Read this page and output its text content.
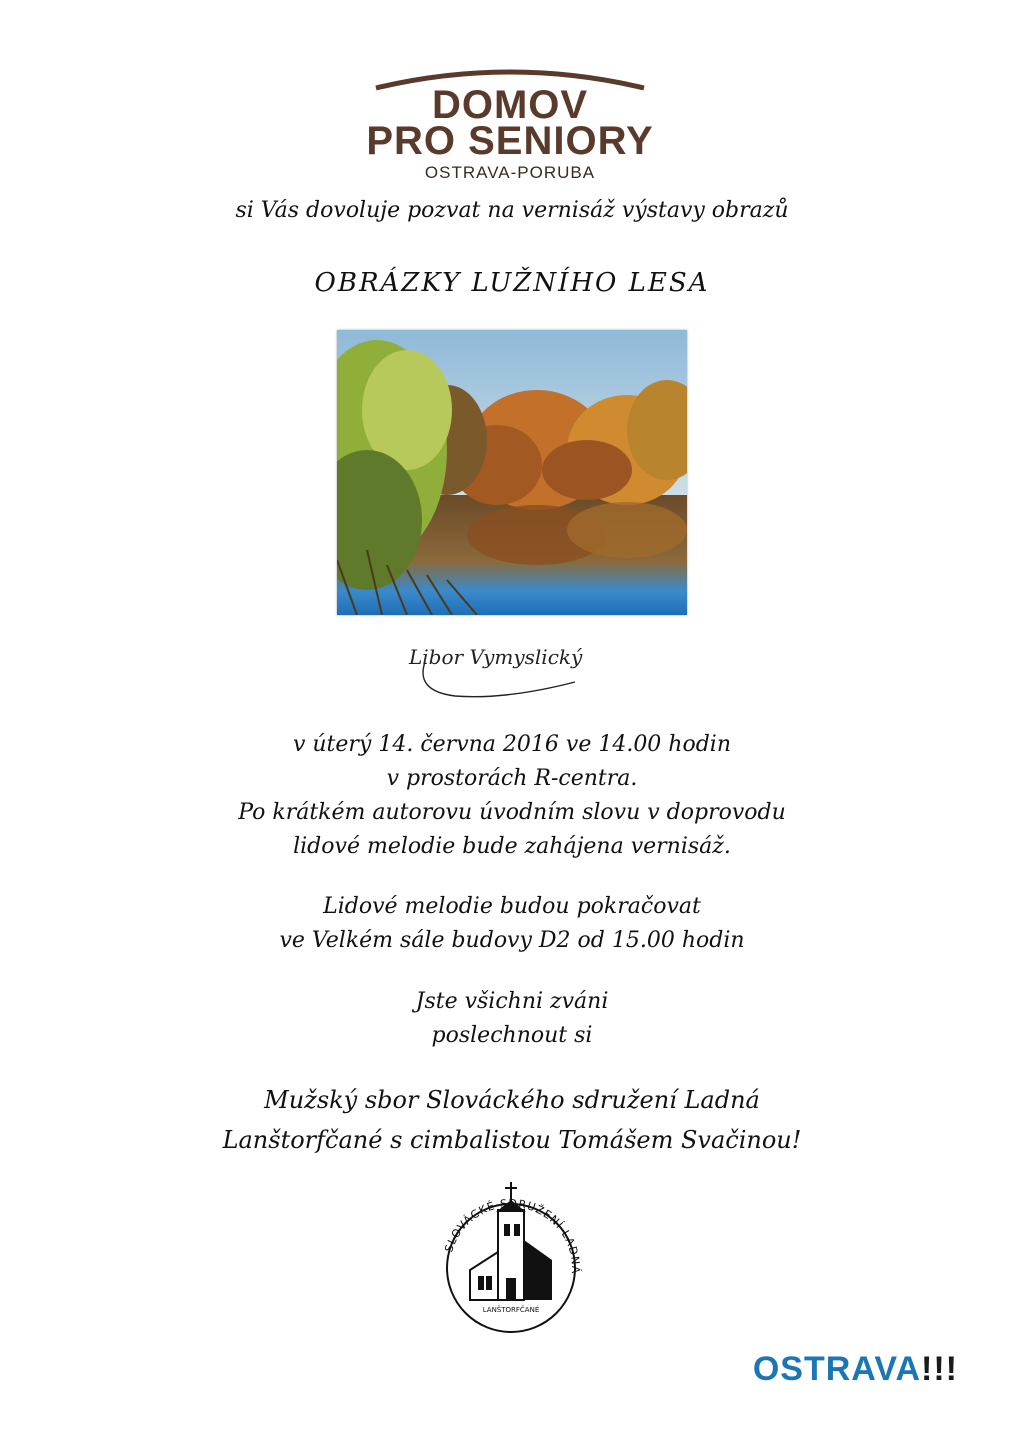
DOMOV
PRO SENIORY
OSTRAVA-PORUBA
si Vás dovoluje pozvat na vernisáž výstavy obrazů
OBRÁZKY LUŽNÍHO LESA
Libor Vymyslický
v úterý 14. června 2016 ve 14.00 hodin
v prostorách R-centra.
Po krátkém autorovu úvodním slovu v doprovodu
lidové melodie bude zahájena vernisáž.
Lidové melodie budou pokračovat
ve Velkém sále budovy D2 od 15.00 hodin
Jste všichni zváni
poslechnout si
Mužský sbor Slováckého sdružení Ladná
Lanštorfčané s cimbalistou Tomášem Svačinou!
SLOVÁCKÉ SDRUŽENÍ LADNÁ
LANŠTORFČANÉ
OSTRAVA!!!
